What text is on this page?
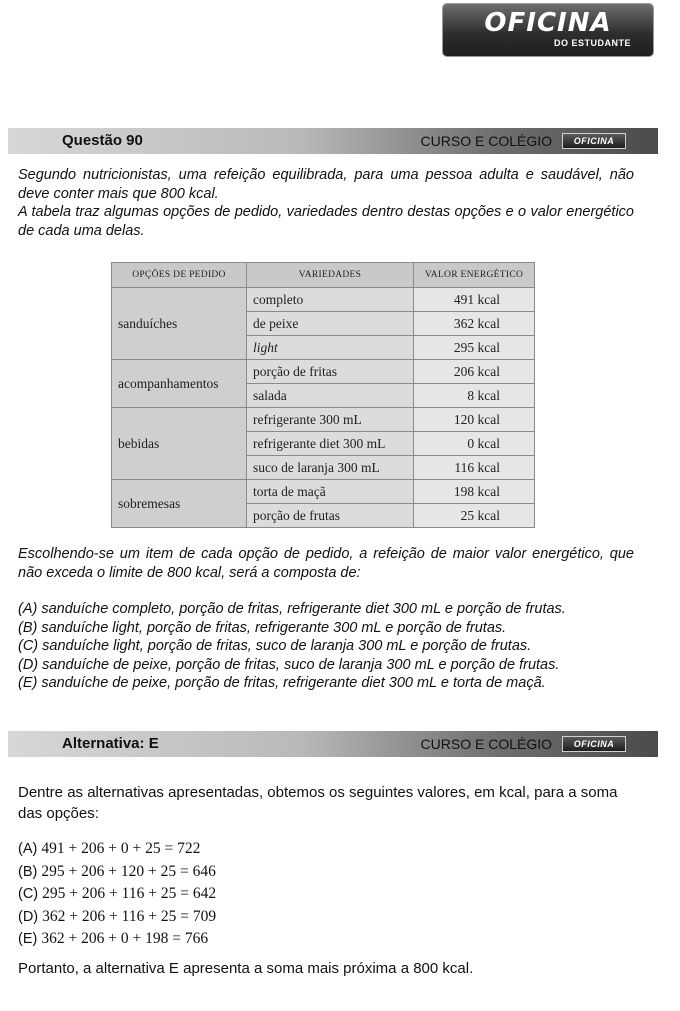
OFICINA
DO ESTUDANTE
Questão 90	CURSO E COLÉGIO	OFICINA
Segundo nutricionistas, uma refeição equilibrada, para uma pessoa adulta e saudável, não deve conter mais que 800 kcal.
A tabela traz algumas opções de pedido, variedades dentro destas opções e o valor energético de cada uma delas.
OPÇÕES DE PEDIDO	VARIEDADES	VALOR ENERGÉTICO
sanduíches	completo	491 kcal
	de peixe	362 kcal
	light	295 kcal
acompanhamentos	porção de fritas	206 kcal
	salada	8 kcal
bebidas	refrigerante 300 mL	120 kcal
	refrigerante diet 300 mL	0 kcal
	suco de laranja 300 mL	116 kcal
sobremesas	torta de maçã	198 kcal
	porção de frutas	25 kcal
Escolhendo-se um item de cada opção de pedido, a refeição de maior valor energético, que não exceda o limite de 800 kcal, será a composta de:
(A) sanduíche completo, porção de fritas, refrigerante diet 300 mL e porção de frutas.
(B) sanduíche light, porção de fritas, refrigerante 300 mL e porção de frutas.
(C) sanduíche light, porção de fritas, suco de laranja 300 mL e porção de frutas.
(D) sanduíche de peixe, porção de fritas, suco de laranja 300 mL e porção de frutas.
(E) sanduíche de peixe, porção de fritas, refrigerante diet 300 mL e torta de maçã.
Alternativa: E	CURSO E COLÉGIO	OFICINA
Dentre as alternativas apresentadas, obtemos os seguintes valores, em kcal, para a soma das opções:
(A) 491 + 206 + 0 + 25 = 722
(B) 295 + 206 + 120 + 25 = 646
(C) 295 + 206 + 116 + 25 = 642
(D) 362 + 206 + 116 + 25 = 709
(E) 362 + 206 + 0 + 198 = 766
Portanto, a alternativa E apresenta a soma mais próxima a 800 kcal.
